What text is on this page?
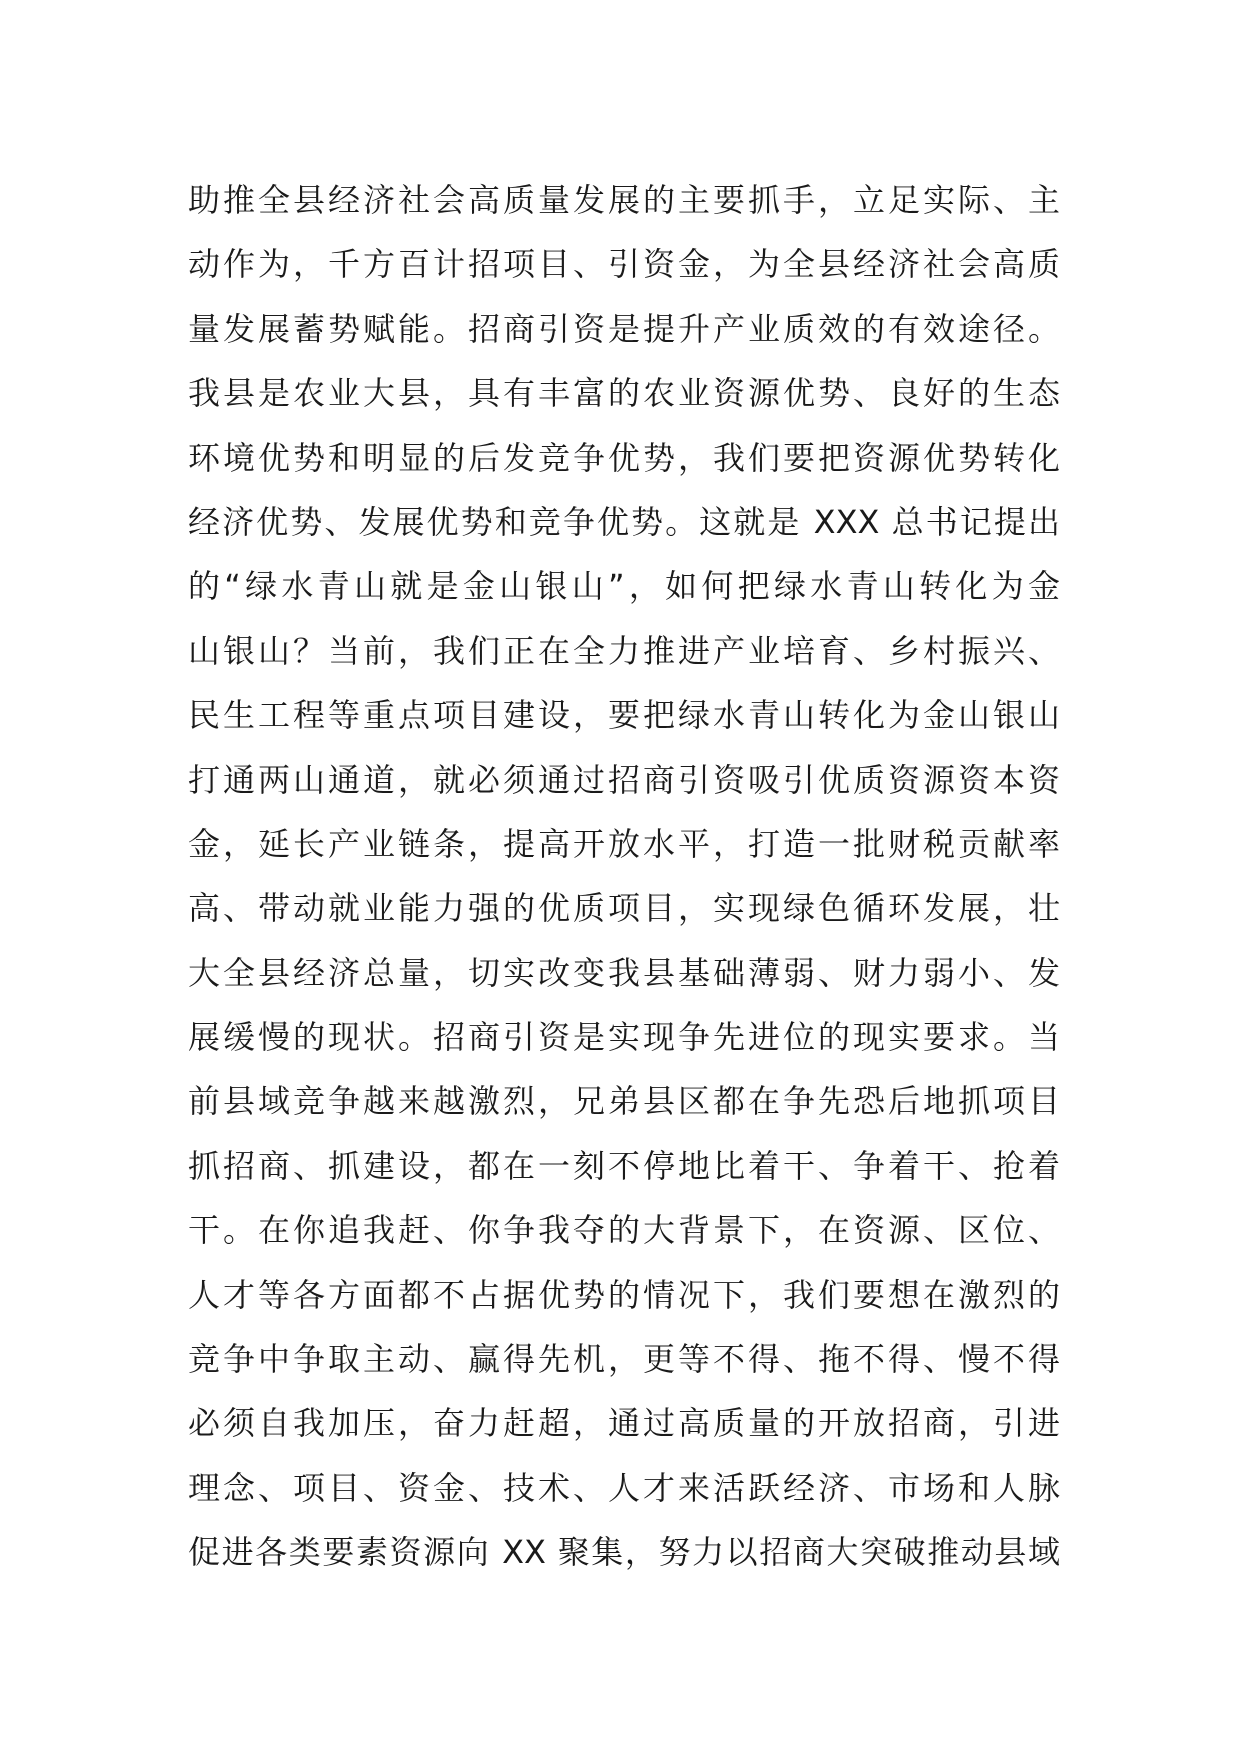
助推全县经济社会高质量发展的主要抓手，立足实际、主
动作为，千方百计招项目、引资金，为全县经济社会高质
量发展蓄势赋能。招商引资是提升产业质效的有效途径。
我县是农业大县，具有丰富的农业资源优势、良好的生态
环境优势和明显的后发竞争优势，我们要把资源优势转化
经济优势、发展优势和竞争优势。这就是 XXX 总书记提出
的“绿水青山就是金山银山”，如何把绿水青山转化为金
山银山？当前，我们正在全力推进产业培育、乡村振兴、
民生工程等重点项目建设，要把绿水青山转化为金山银山
打通两山通道，就必须通过招商引资吸引优质资源资本资
金，延长产业链条，提高开放水平，打造一批财税贡献率
高、带动就业能力强的优质项目，实现绿色循环发展，壮
大全县经济总量，切实改变我县基础薄弱、财力弱小、发
展缓慢的现状。招商引资是实现争先进位的现实要求。当
前县域竞争越来越激烈，兄弟县区都在争先恐后地抓项目
抓招商、抓建设，都在一刻不停地比着干、争着干、抢着
干。在你追我赶、你争我夺的大背景下，在资源、区位、
人才等各方面都不占据优势的情况下，我们要想在激烈的
竞争中争取主动、赢得先机，更等不得、拖不得、慢不得
必须自我加压，奋力赶超，通过高质量的开放招商，引进
理念、项目、资金、技术、人才来活跃经济、市场和人脉
促进各类要素资源向 XX 聚集，努力以招商大突破推动县域
